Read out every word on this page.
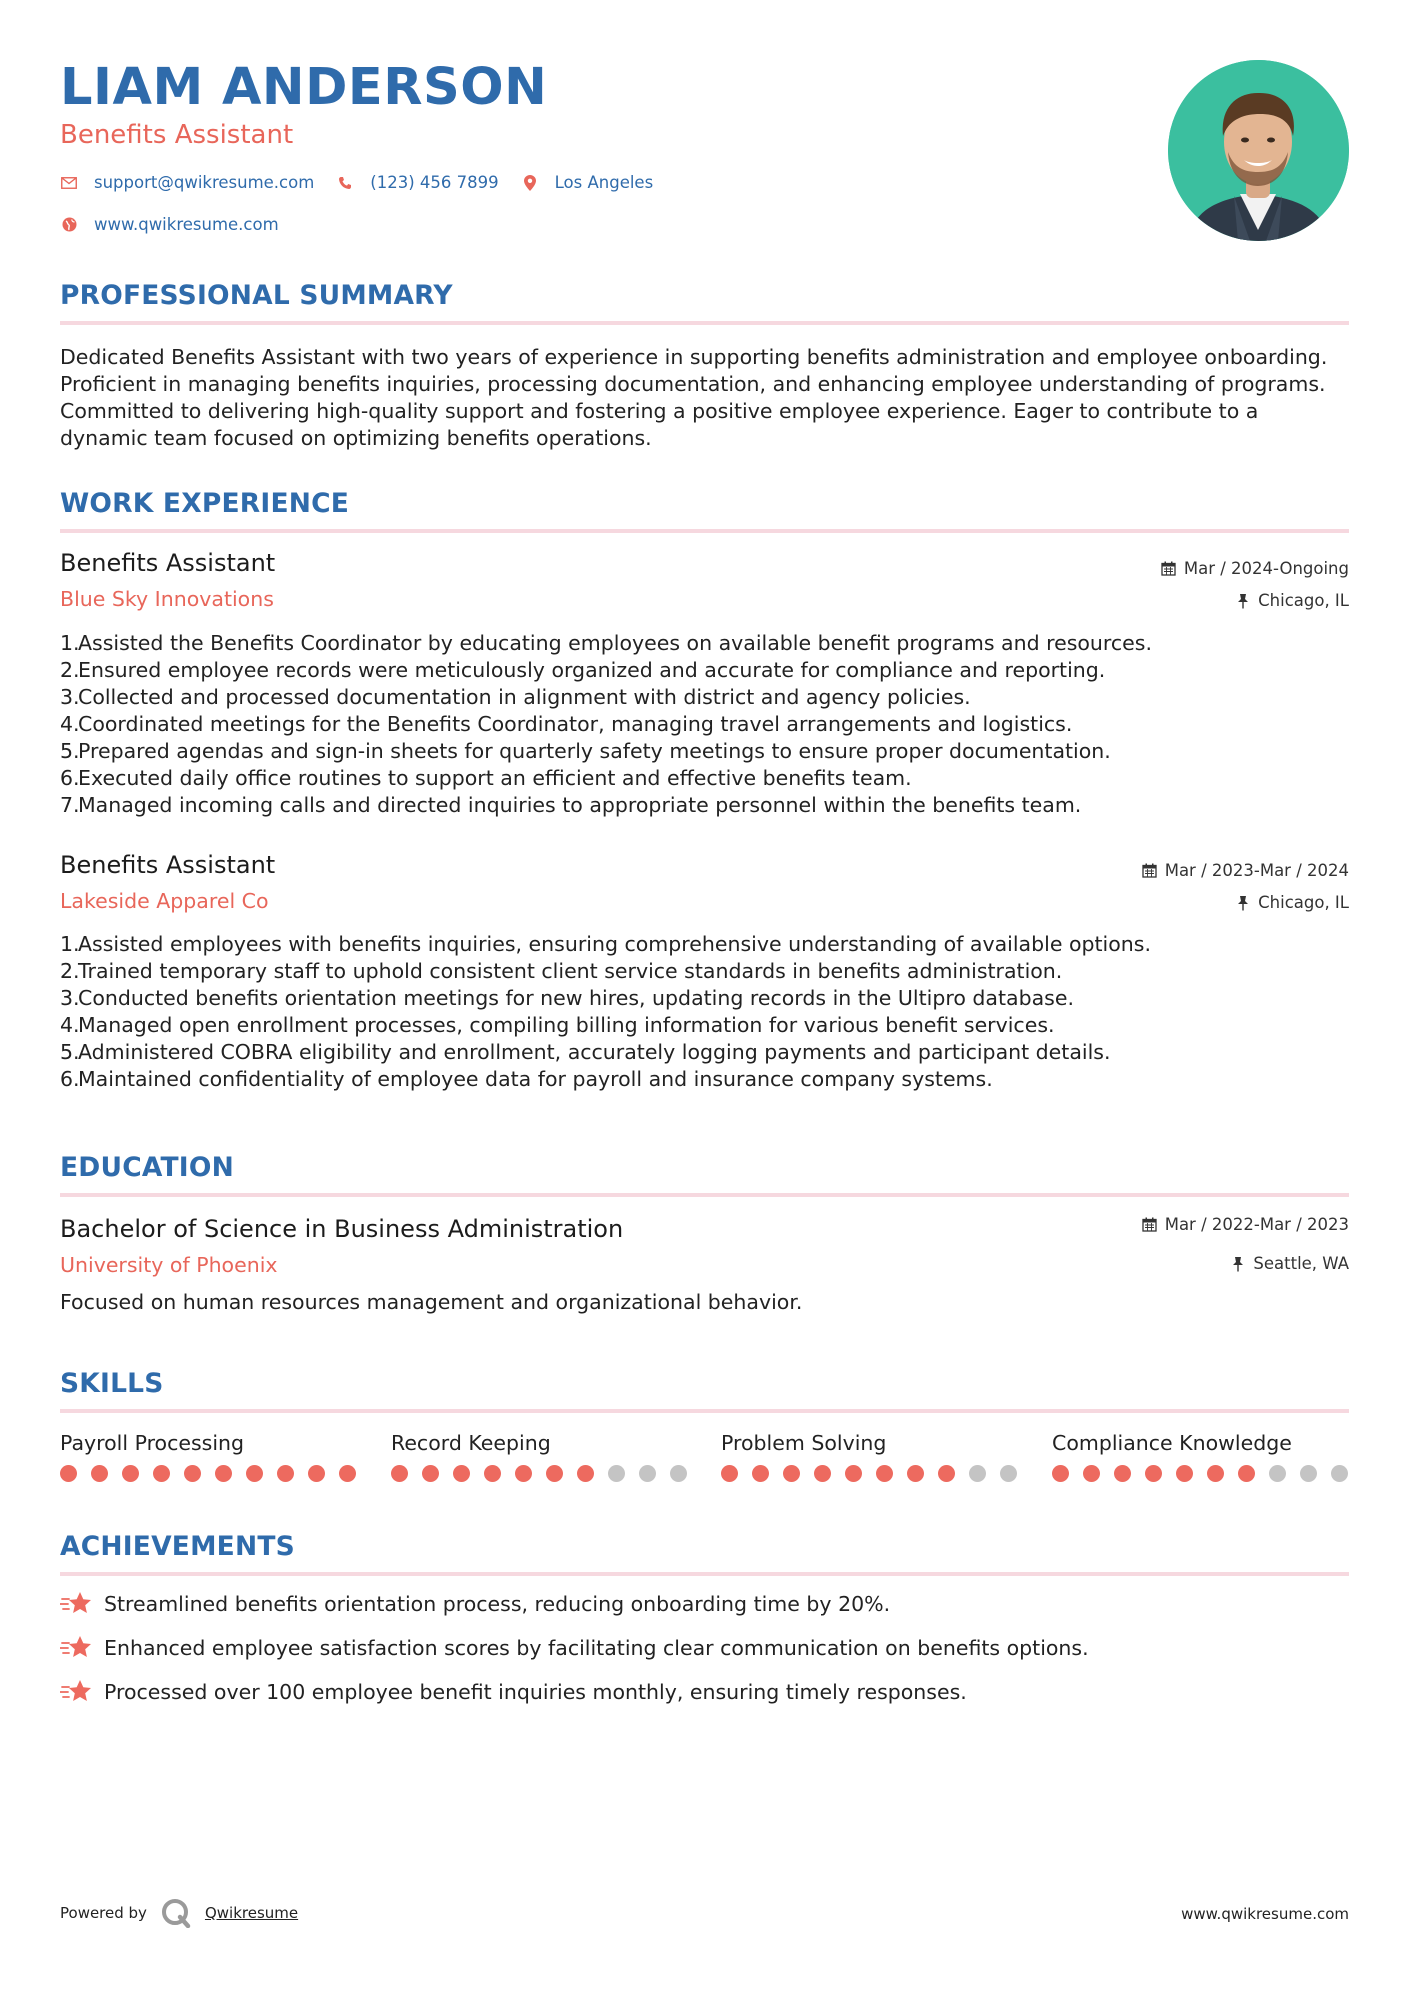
LIAM ANDERSON
Benefits Assistant
support@qwikresume.com	(123) 456 7899	Los Angeles
www.qwikresume.com
PROFESSIONAL SUMMARY
Dedicated Benefits Assistant with two years of experience in supporting benefits administration and employee onboarding. Proficient in managing benefits inquiries, processing documentation, and enhancing employee understanding of programs. Committed to delivering high-quality support and fostering a positive employee experience. Eager to contribute to a dynamic team focused on optimizing benefits operations.
WORK EXPERIENCE
Benefits Assistant
Blue Sky Innovations
Mar / 2024-Ongoing
Chicago, IL
1.
Assisted the Benefits Coordinator by educating employees on available benefit programs and resources.
2.
Ensured employee records were meticulously organized and accurate for compliance and reporting.
3.
Collected and processed documentation in alignment with district and agency policies.
4.
Coordinated meetings for the Benefits Coordinator, managing travel arrangements and logistics.
5.
Prepared agendas and sign-in sheets for quarterly safety meetings to ensure proper documentation.
6.
Executed daily office routines to support an efficient and effective benefits team.
7.
Managed incoming calls and directed inquiries to appropriate personnel within the benefits team.
Benefits Assistant
Lakeside Apparel Co
Mar / 2023-Mar / 2024
Chicago, IL
1.
Assisted employees with benefits inquiries, ensuring comprehensive understanding of available options.
2.
Trained temporary staff to uphold consistent client service standards in benefits administration.
3.
Conducted benefits orientation meetings for new hires, updating records in the Ultipro database.
4.
Managed open enrollment processes, compiling billing information for various benefit services.
5.
Administered COBRA eligibility and enrollment, accurately logging payments and participant details.
6.
Maintained confidentiality of employee data for payroll and insurance company systems.
EDUCATION
Bachelor of Science in Business Administration
University of Phoenix
Mar / 2022-Mar / 2023
Seattle, WA
Focused on human resources management and organizational behavior.
SKILLS
Payroll Processing	Record Keeping	Problem Solving	Compliance Knowledge
ACHIEVEMENTS
Streamlined benefits orientation process, reducing onboarding time by 20%.
Enhanced employee satisfaction scores by facilitating clear communication on benefits options.
Processed over 100 employee benefit inquiries monthly, ensuring timely responses.
Powered by	Qwikresume	www.qwikresume.com
